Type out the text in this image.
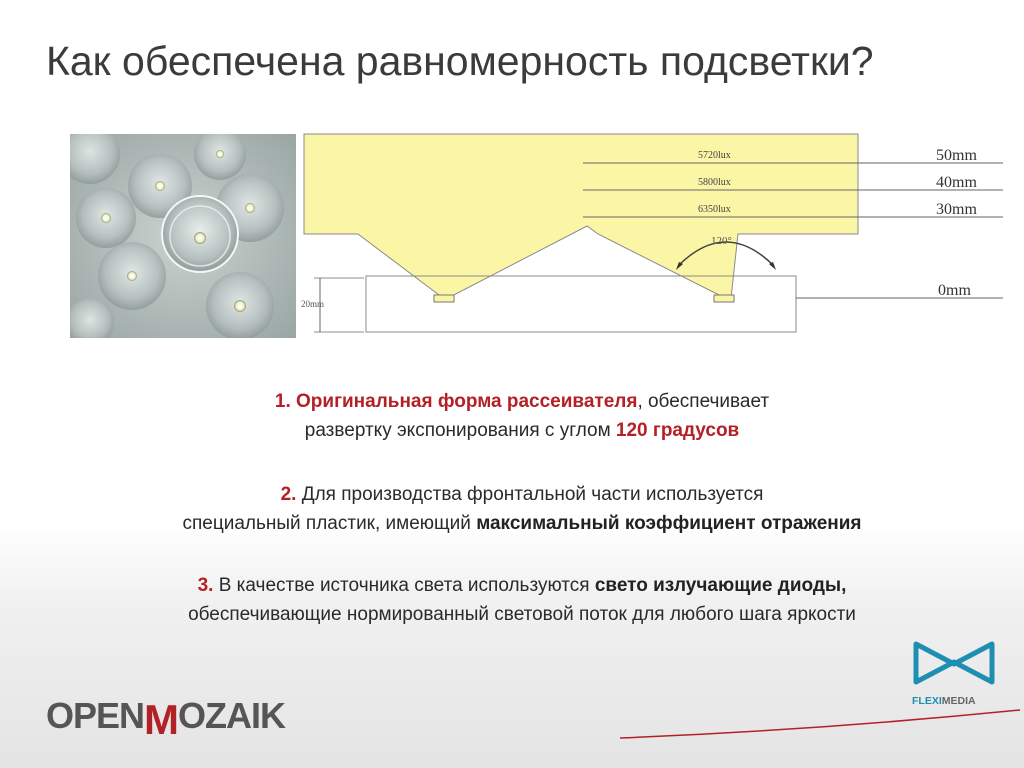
Как обеспечена равномерность подсветки?
20mm
5720lux
5800lux
6350lux
120°
50mm
40mm
30mm
0mm

1. Оригинальная форма рассеивателя, обеспечивает

развертку экспонирования с углом 120 градусов

2. Для производства фронтальной части используется

специальный пластик, имеющий максимальный коэффициент отражения

3. В качестве источника света используются свето излучающие диоды,

обеспечивающие нормированный световой поток для любого шага яркости

OPENMOZAIK	FLEXIMEDIA
